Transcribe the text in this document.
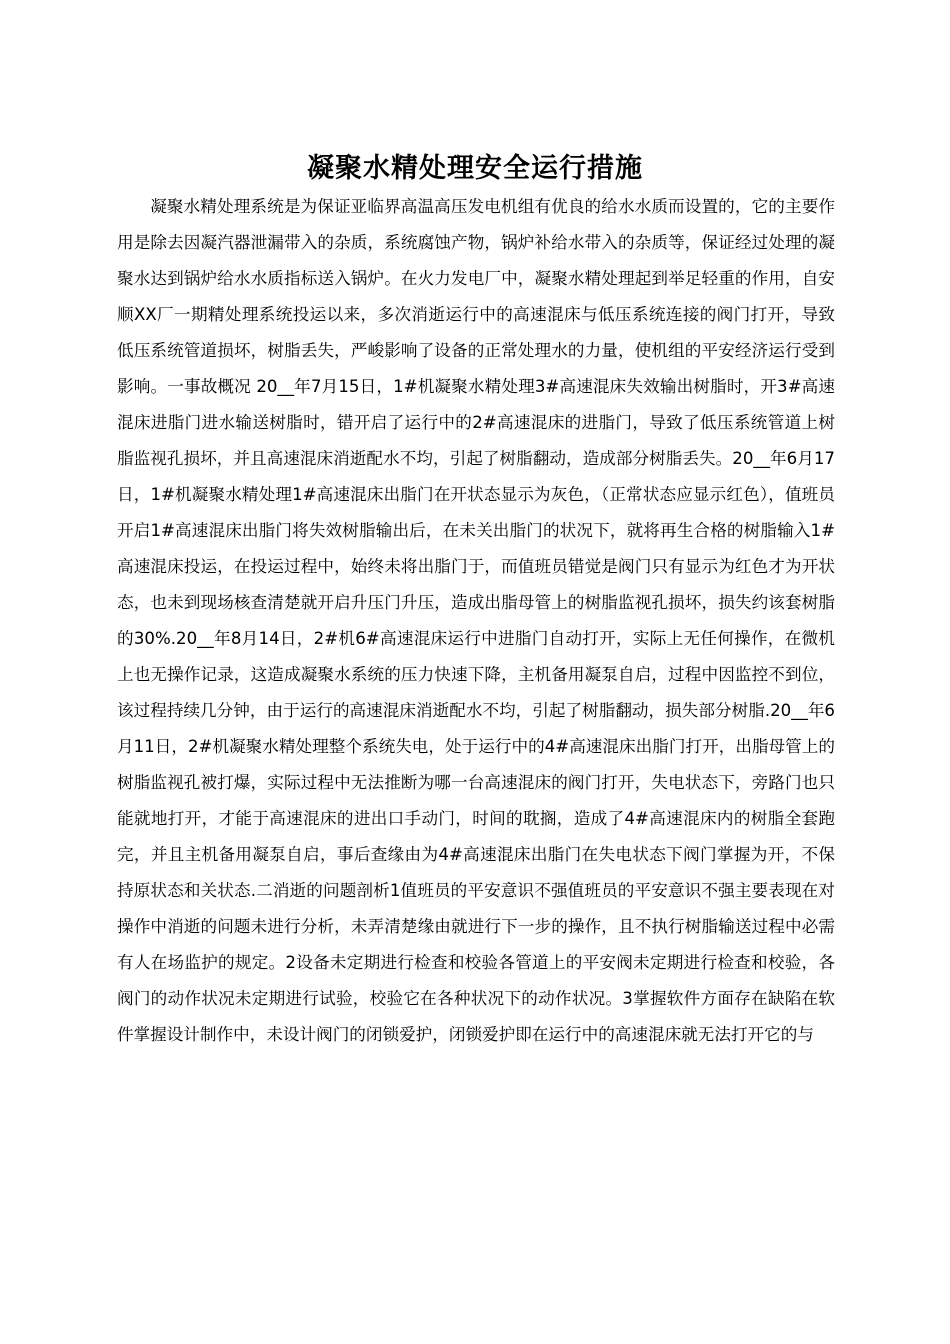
凝聚水精处理安全运行措施

凝聚水精处理系统是为保证亚临界高温高压发电机组有优良的给水水质而设置的，它的主要作用是除去因凝汽器泄漏带入的杂质，系统腐蚀产物，锅炉补给水带入的杂质等，保证经过处理的凝聚水达到锅炉给水水质指标送入锅炉。在火力发电厂中，凝聚水精处理起到举足轻重的作用，自安顺XX厂一期精处理系统投运以来，多次消逝运行中的高速混床与低压系统连接的阀门打开，导致低压系统管道损坏，树脂丢失，严峻影响了设备的正常处理水的力量，使机组的平安经济运行受到影响。一事故概况 20__年7月15日，1#机凝聚水精处理3#高速混床失效输出树脂时，开3#高速混床进脂门进水输送树脂时，错开启了运行中的2#高速混床的进脂门，导致了低压系统管道上树脂监视孔损坏，并且高速混床消逝配水不均，引起了树脂翻动，造成部分树脂丢失。20__年6月17日，1#机凝聚水精处理1#高速混床出脂门在开状态显示为灰色，（正常状态应显示红色），值班员开启1#高速混床出脂门将失效树脂输出后，在未关出脂门的状况下，就将再生合格的树脂输入1#高速混床投运，在投运过程中，始终未将出脂门于，而值班员错觉是阀门只有显示为红色才为开状态，也未到现场核查清楚就开启升压门升压，造成出脂母管上的树脂监视孔损坏，损失约该套树脂的30%.20__年8月14日，2#机6#高速混床运行中进脂门自动打开，实际上无任何操作，在微机上也无操作记录，这造成凝聚水系统的压力快速下降，主机备用凝泵自启，过程中因监控不到位，该过程持续几分钟，由于运行的高速混床消逝配水不均，引起了树脂翻动，损失部分树脂.20__年6月11日，2#机凝聚水精处理整个系统失电，处于运行中的4#高速混床出脂门打开，出脂母管上的树脂监视孔被打爆，实际过程中无法推断为哪一台高速混床的阀门打开，失电状态下，旁路门也只能就地打开，才能于高速混床的进出口手动门，时间的耽搁，造成了4#高速混床内的树脂全套跑完，并且主机备用凝泵自启，事后查缘由为4#高速混床出脂门在失电状态下阀门掌握为开，不保持原状态和关状态.二消逝的问题剖析1值班员的平安意识不强值班员的平安意识不强主要表现在对操作中消逝的问题未进行分析，未弄清楚缘由就进行下一步的操作，且不执行树脂输送过程中必需有人在场监护的规定。2设备未定期进行检查和校验各管道上的平安阀未定期进行检查和校验，各阀门的动作状况未定期进行试验，校验它在各种状况下的动作状况。3掌握软件方面存在缺陷在软件掌握设计制作中，未设计阀门的闭锁爱护，闭锁爱护即在运行中的高速混床就无法打开它的与
